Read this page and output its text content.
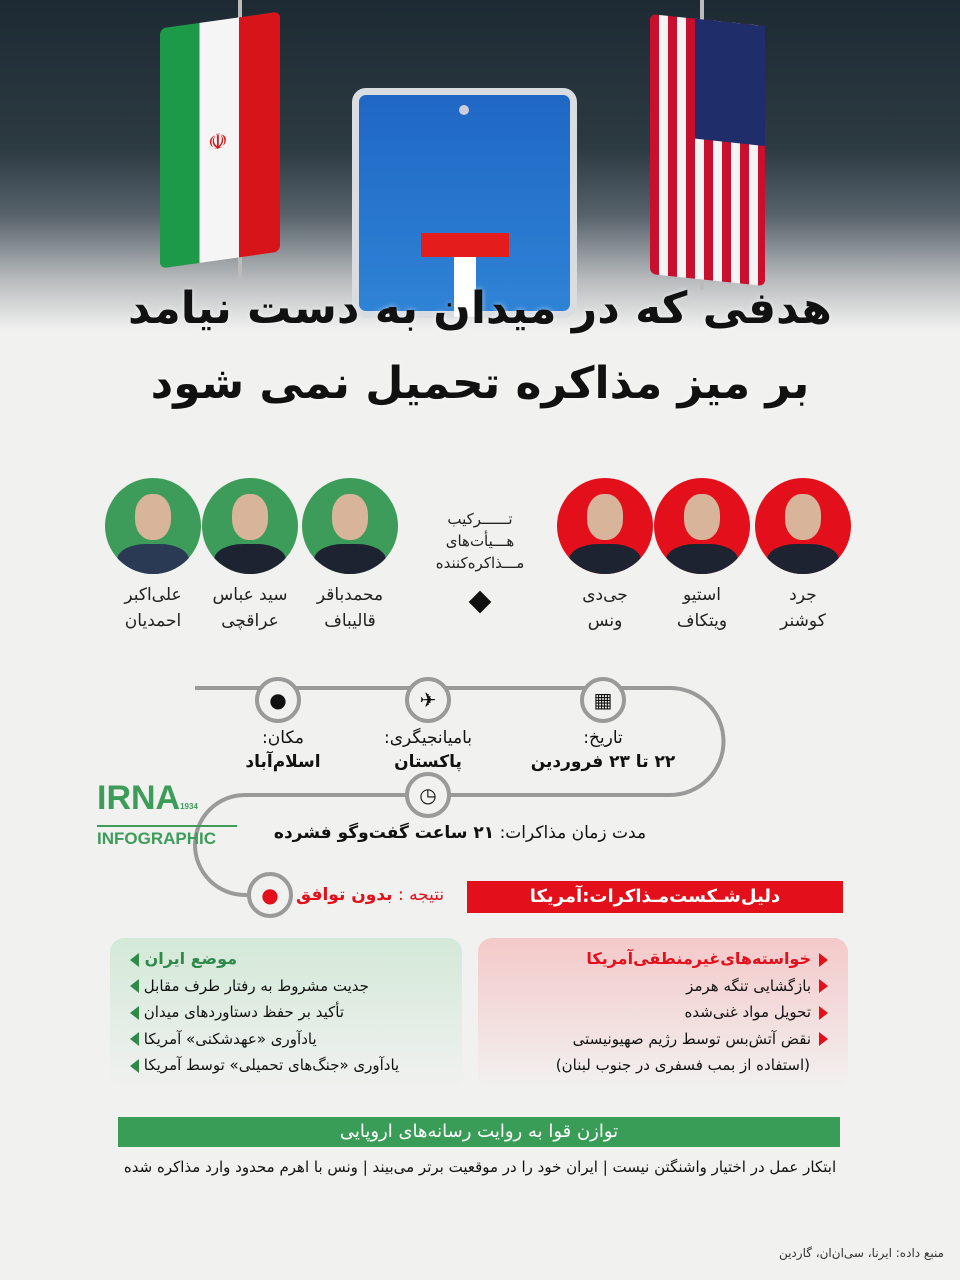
☫
هدفی که در میدان به دست نیامد
بر میز مذاکره تحمیل نمی شود
محمدباقر
قالیباف
سید عباس
عراقچی
علی‌اکبر
احمدیان
تــــــرکیب
هـــیأت‌های
مـــذاکره‌کننده
جی‌دی
ونس
استیو
ویتکاف
جرد
کوشنر
▦
✈
●
◷
●
تاریخ:
۲۲ تا ۲۳ فروردین
بامیانجیگری:
پاکستان
مکان:
اسلام‌آباد
مدت زمان مذاکرات: ۲۱ ساعت گفت‌وگو فشرده
IRNA1934
INFOGRAPHIC
نتیجه : بدون توافق	دلیل‌شـکست‌مـذاکرات:آمریکا
خواسته‌های‌غیرمنطقی‌آمریکا
بازگشایی تنگه هرمز
تحویل مواد غنی‌شده
نقض آتش‌بس توسط رژیم صهیونیستی
(استفاده از بمب فسفری در جنوب لبنان)
موضع ایران
جدیت مشروط به رفتار طرف مقابل
تأکید بر حفظ دستاوردهای میدان
یادآوری «عهدشکنی» آمریکا
یادآوری «جنگ‌های تحمیلی» توسط آمریکا
توازن قوا به روایت رسانه‌های اروپایی
ابتکار عمل در اختیار واشنگتن نیست | ایران خود را در موقعیت برتر می‌بیند | ونس با اهرم محدود وارد مذاکره شده
منبع داده: ایرنا، سی‌ان‌ان، گاردین
